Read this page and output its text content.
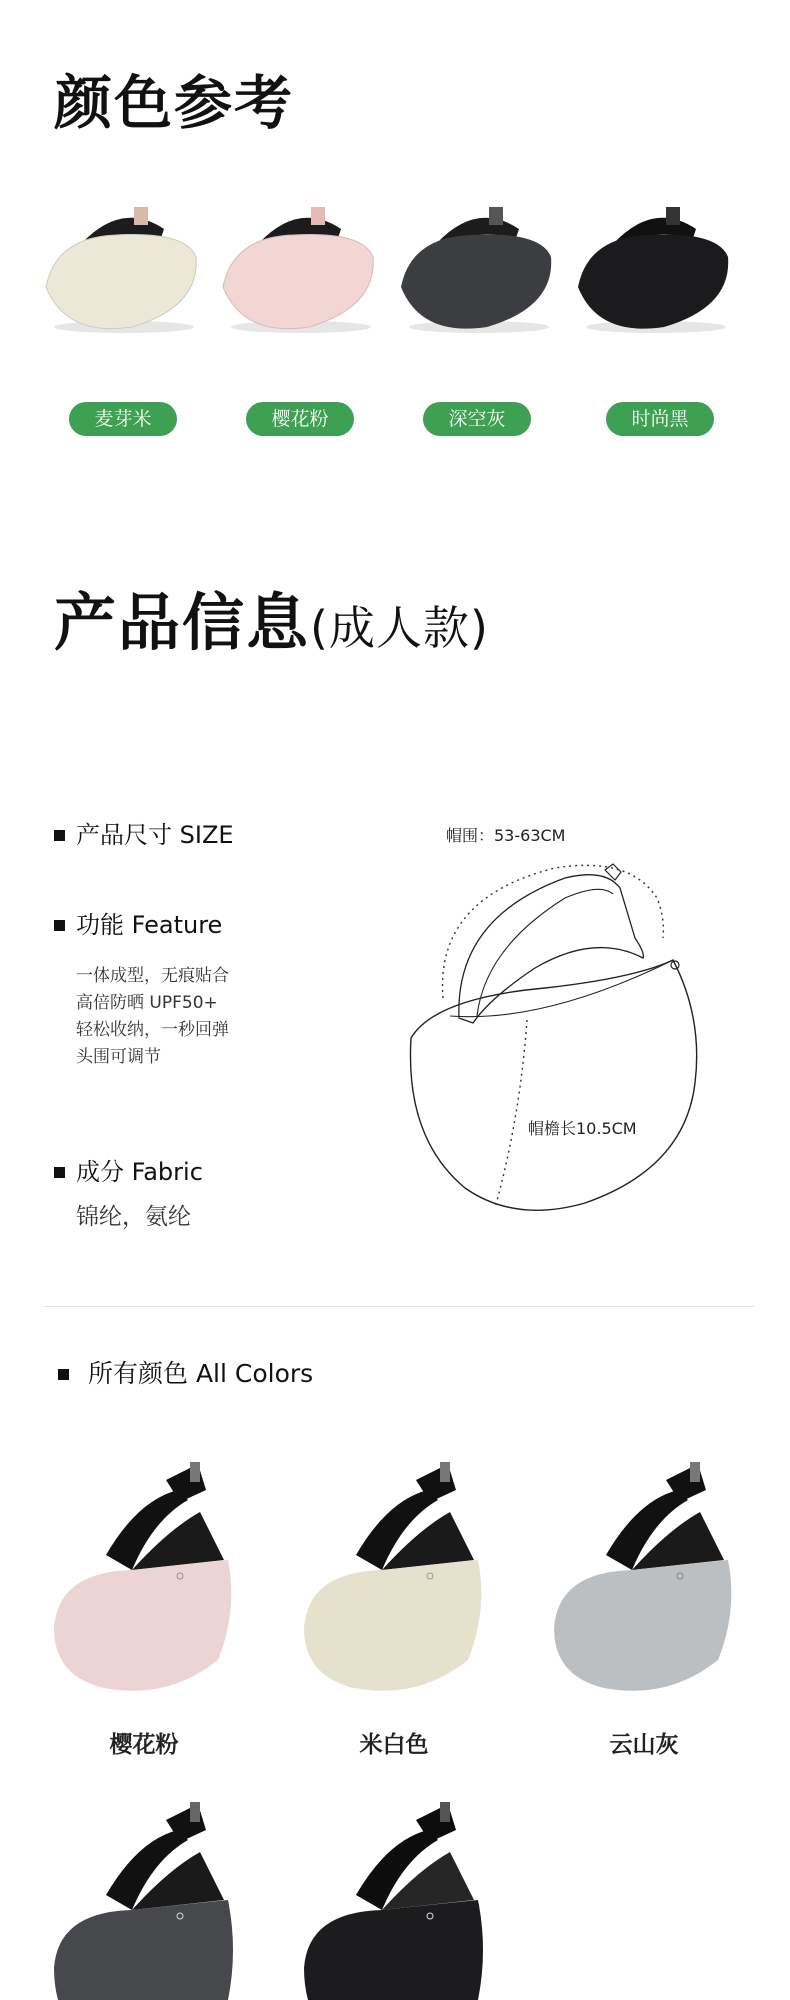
颜色参考
麦芽米	樱花粉	深空灰	时尚黑
产品信息(成人款)
产品尺寸 SIZE
功能 Feature
一体成型，无痕贴合
高倍防晒 UPF50+
轻松收纳，一秒回弹
头围可调节
成分 Fabric
锦纶，氨纶
帽围：53-63CM
帽檐长10.5CM
所有颜色 All Colors
樱花粉	米白色	云山灰
